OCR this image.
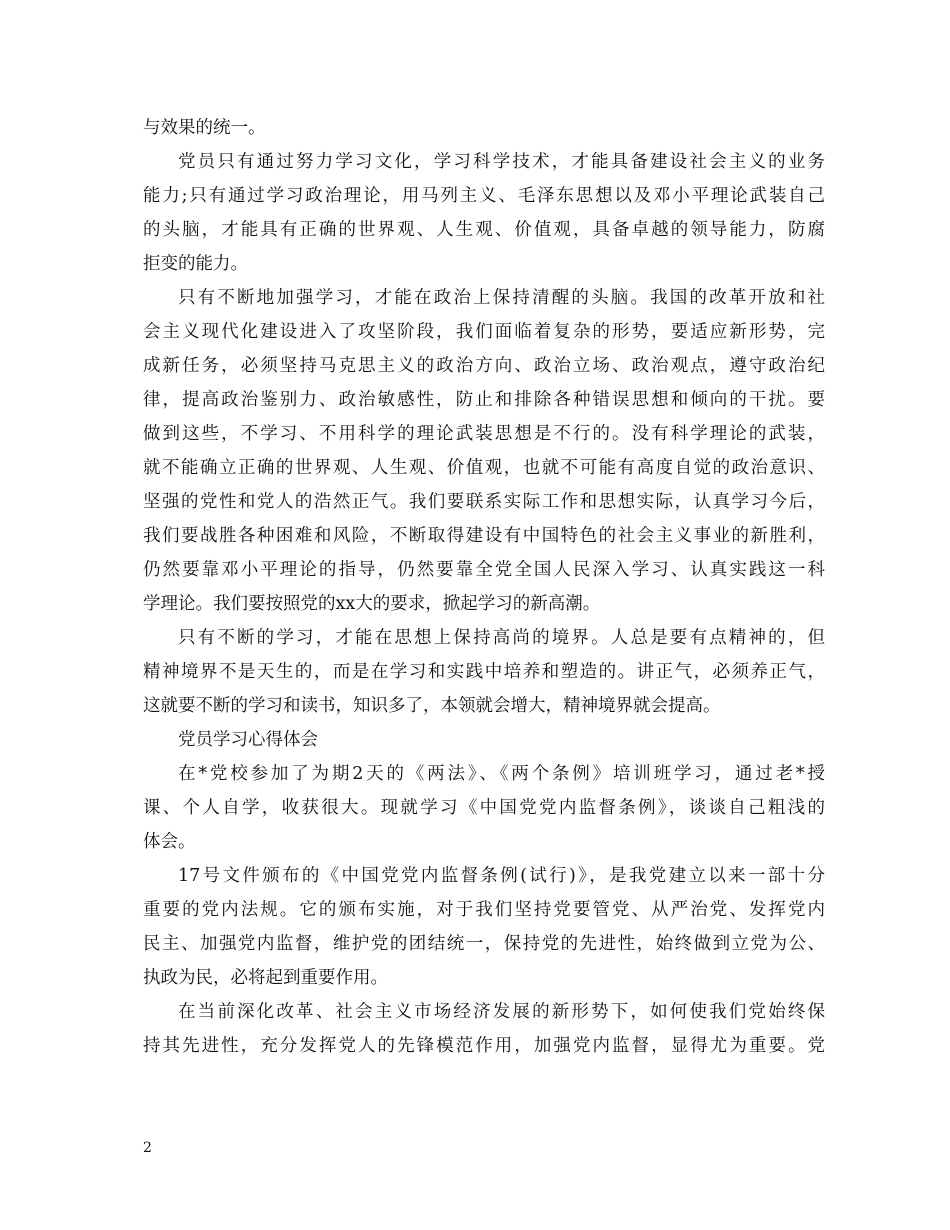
与效果的统一。
党员只有通过努力学习文化，学习科学技术，才能具备建设社会主义的业务
能力;只有通过学习政治理论，用马列主义、毛泽东思想以及邓小平理论武装自己
的头脑，才能具有正确的世界观、人生观、价值观，具备卓越的领导能力，防腐
拒变的能力。
只有不断地加强学习，才能在政治上保持清醒的头脑。我国的改革开放和社
会主义现代化建设进入了攻坚阶段，我们面临着复杂的形势，要适应新形势，完
成新任务，必须坚持马克思主义的政治方向、政治立场、政治观点，遵守政治纪
律，提高政治鉴别力、政治敏感性，防止和排除各种错误思想和倾向的干扰。要
做到这些，不学习、不用科学的理论武装思想是不行的。没有科学理论的武装，
就不能确立正确的世界观、人生观、价值观，也就不可能有高度自觉的政治意识、
坚强的党性和党人的浩然正气。我们要联系实际工作和思想实际，认真学习今后，
我们要战胜各种困难和风险，不断取得建设有中国特色的社会主义事业的新胜利，
仍然要靠邓小平理论的指导，仍然要靠全党全国人民深入学习、认真实践这一科
学理论。我们要按照党的xx大的要求，掀起学习的新高潮。
只有不断的学习，才能在思想上保持高尚的境界。人总是要有点精神的，但
精神境界不是天生的，而是在学习和实践中培养和塑造的。讲正气，必须养正气，
这就要不断的学习和读书，知识多了，本领就会增大，精神境界就会提高。
党员学习心得体会
在*党校参加了为期2天的《两法》、《两个条例》培训班学习，通过老*授
课、个人自学，收获很大。现就学习《中国党党内监督条例》，谈谈自己粗浅的
体会。
17号文件颁布的《中国党党内监督条例(试行)》，是我党建立以来一部十分
重要的党内法规。它的颁布实施，对于我们坚持党要管党、从严治党、发挥党内
民主、加强党内监督，维护党的团结统一，保持党的先进性，始终做到立党为公、
执政为民，必将起到重要作用。
在当前深化改革、社会主义市场经济发展的新形势下，如何使我们党始终保
持其先进性，充分发挥党人的先锋模范作用，加强党内监督，显得尤为重要。党
2
